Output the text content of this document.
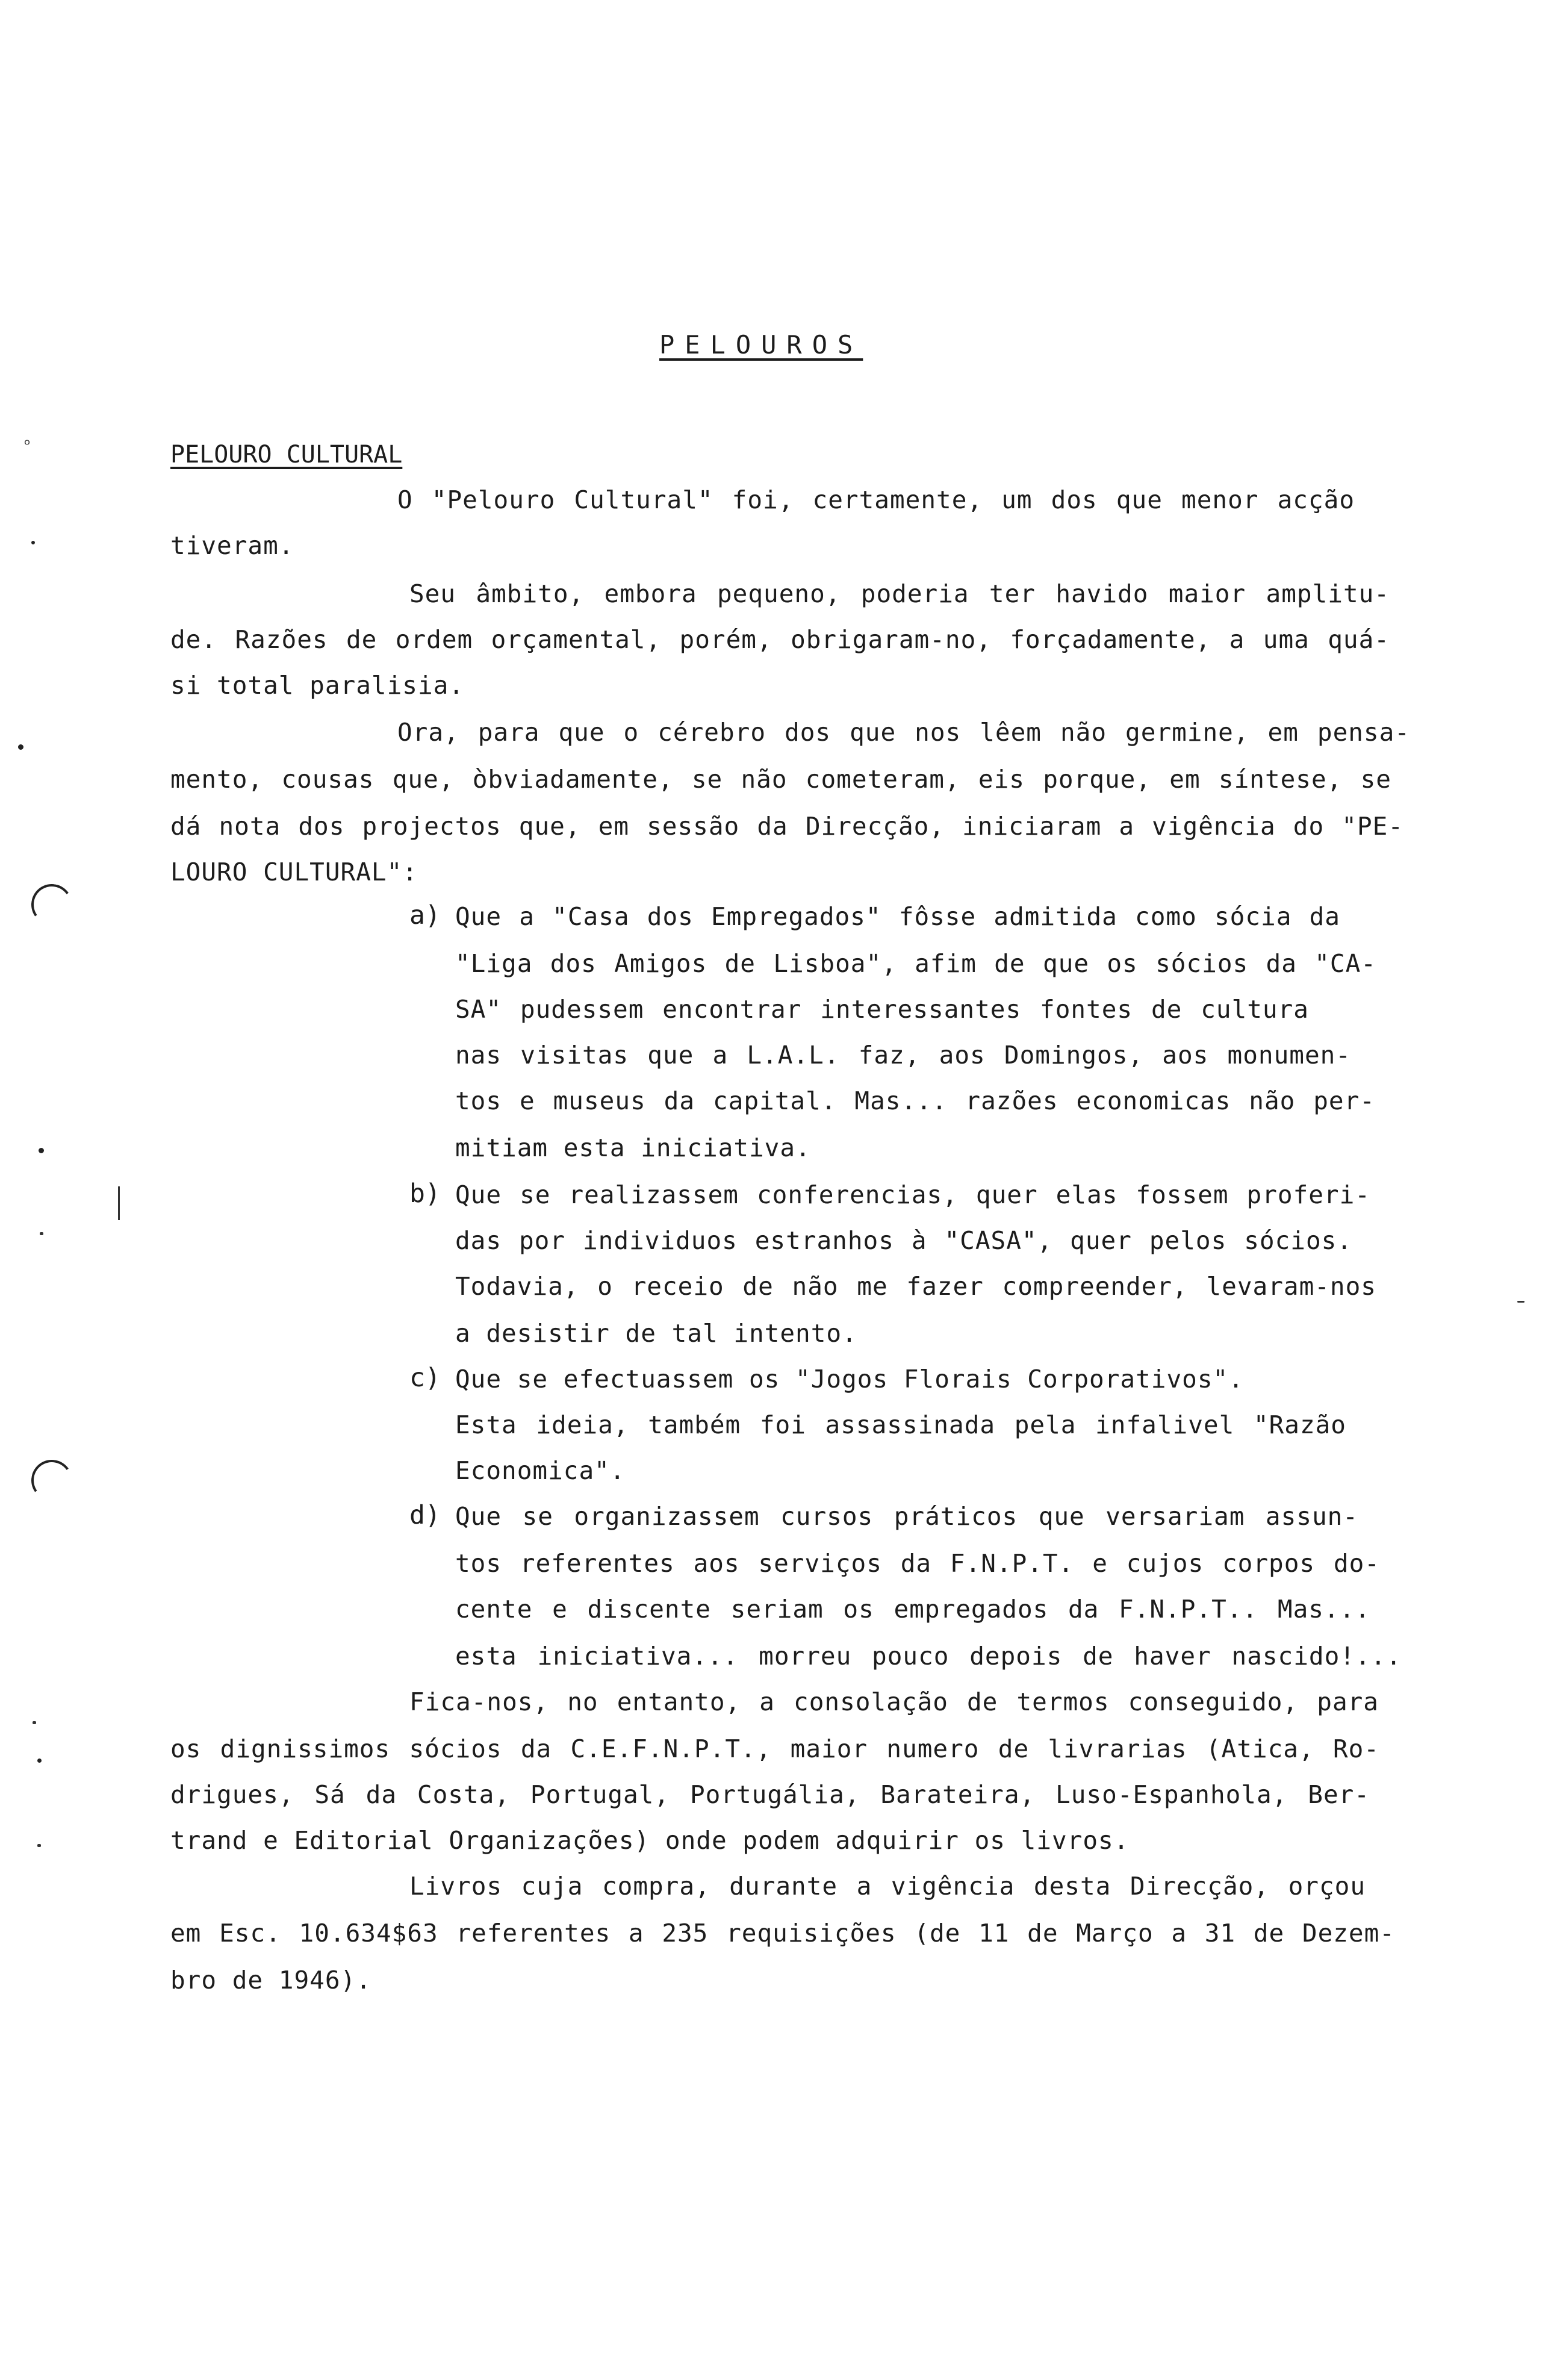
ᵒ
PELOUROS
PELOURO CULTURAL
O "Pelouro Cultural" foi, certamente, um dos que menor acção
tiveram.
Seu âmbito, embora pequeno, poderia ter havido maior amplitu-
de. Razões de ordem orçamental, porém, obrigaram-no, forçadamente, a uma quá-
si total paralisia.
Ora, para que o cérebro dos que nos lêem não germine, em pensa-
mento, cousas que, òbviadamente, se não cometeram, eis porque, em síntese, se
dá nota dos projectos que, em sessão da Direcção, iniciaram a vigência do "PE-
LOURO CULTURAL":
a) Que a "Casa dos Empregados" fôsse admitida como sócia da
"Liga dos Amigos de Lisboa", afim de que os sócios da "CA-
SA" pudessem encontrar interessantes fontes de cultura
nas visitas que a L.A.L. faz, aos Domingos, aos monumen-
tos e museus da capital. Mas... razões economicas não per-
mitiam esta iniciativa.
b) Que se realizassem conferencias, quer elas fossem proferi-
das por individuos estranhos à "CASA", quer pelos sócios.
Todavia, o receio de não me fazer compreender, levaram-nos
a desistir de tal intento.
c) Que se efectuassem os "Jogos Florais Corporativos".
Esta ideia, também foi assassinada pela infalivel "Razão
Economica".
d) Que se organizassem cursos práticos que versariam assun-
tos referentes aos serviços da F.N.P.T. e cujos corpos do-
cente e discente seriam os empregados da F.N.P.T.. Mas...
esta iniciativa... morreu pouco depois de haver nascido!...
Fica-nos, no entanto, a consolação de termos conseguido, para
os dignissimos sócios da C.E.F.N.P.T., maior numero de livrarias (Atica, Ro-
drigues, Sá da Costa, Portugal, Portugália, Barateira, Luso-Espanhola, Ber-
trand e Editorial Organizações) onde podem adquirir os livros.
Livros cuja compra, durante a vigência desta Direcção, orçou
em Esc. 10.634$63 referentes a 235 requisições (de 11 de Março a 31 de Dezem-
bro de 1946).
